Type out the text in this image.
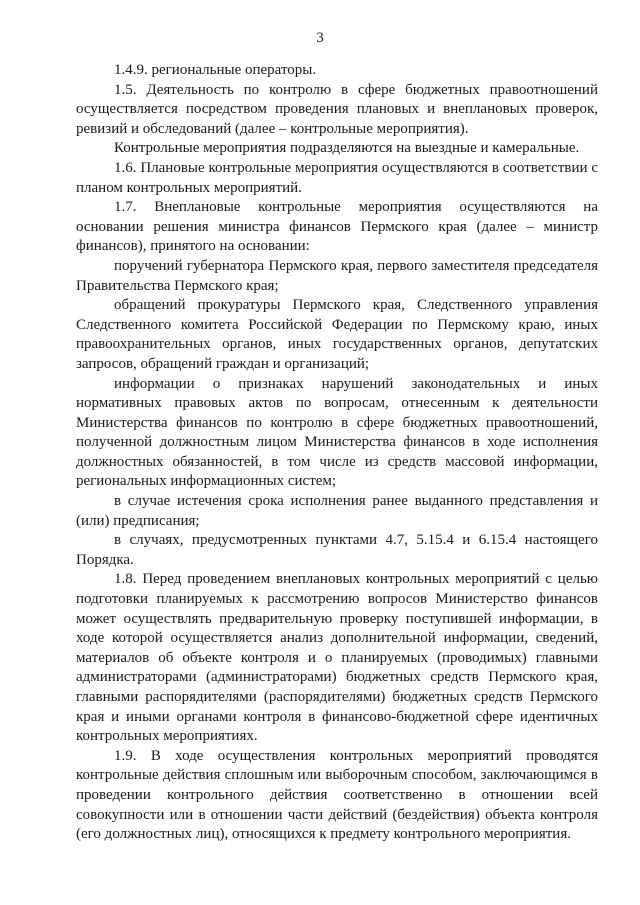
3

1.4.9. региональные операторы.

1.5. Деятельность по контролю в сфере бюджетных правоотношений осуществляется посредством проведения плановых и внеплановых проверок, ревизий и обследований (далее – контрольные мероприятия).

Контрольные мероприятия подразделяются на выездные и камеральные.

1.6. Плановые контрольные мероприятия осуществляются в соответствии с планом контрольных мероприятий.

1.7. Внеплановые контрольные мероприятия осуществляются на основании решения министра финансов Пермского края (далее – министр финансов), принятого на основании:

поручений губернатора Пермского края, первого заместителя председателя Правительства Пермского края;

обращений прокуратуры Пермского края, Следственного управления Следственного комитета Российской Федерации по Пермскому краю, иных правоохранительных органов, иных государственных органов, депутатских запросов, обращений граждан и организаций;

информации о признаках нарушений законодательных и иных нормативных правовых актов по вопросам, отнесенным к деятельности Министерства финансов по контролю в сфере бюджетных правоотношений, полученной должностным лицом Министерства финансов в ходе исполнения должностных обязанностей, в том числе из средств массовой информации, региональных информационных систем;

в случае истечения срока исполнения ранее выданного представления и (или) предписания;

в случаях, предусмотренных пунктами 4.7, 5.15.4 и 6.15.4 настоящего Порядка.

1.8. Перед проведением внеплановых контрольных мероприятий с целью подготовки планируемых к рассмотрению вопросов Министерство финансов может осуществлять предварительную проверку поступившей информации, в ходе которой осуществляется анализ дополнительной информации, сведений, материалов об объекте контроля и о планируемых (проводимых) главными администраторами (администраторами) бюджетных средств Пермского края, главными распорядителями (распорядителями) бюджетных средств Пермского края и иными органами контроля в финансово-бюджетной сфере идентичных контрольных мероприятиях.

1.9. В ходе осуществления контрольных мероприятий проводятся контрольные действия сплошным или выборочным способом, заключающимся в проведении контрольного действия соответственно в отношении всей совокупности или в отношении части действий (бездействия) объекта контроля (его должностных лиц), относящихся к предмету контрольного мероприятия.
